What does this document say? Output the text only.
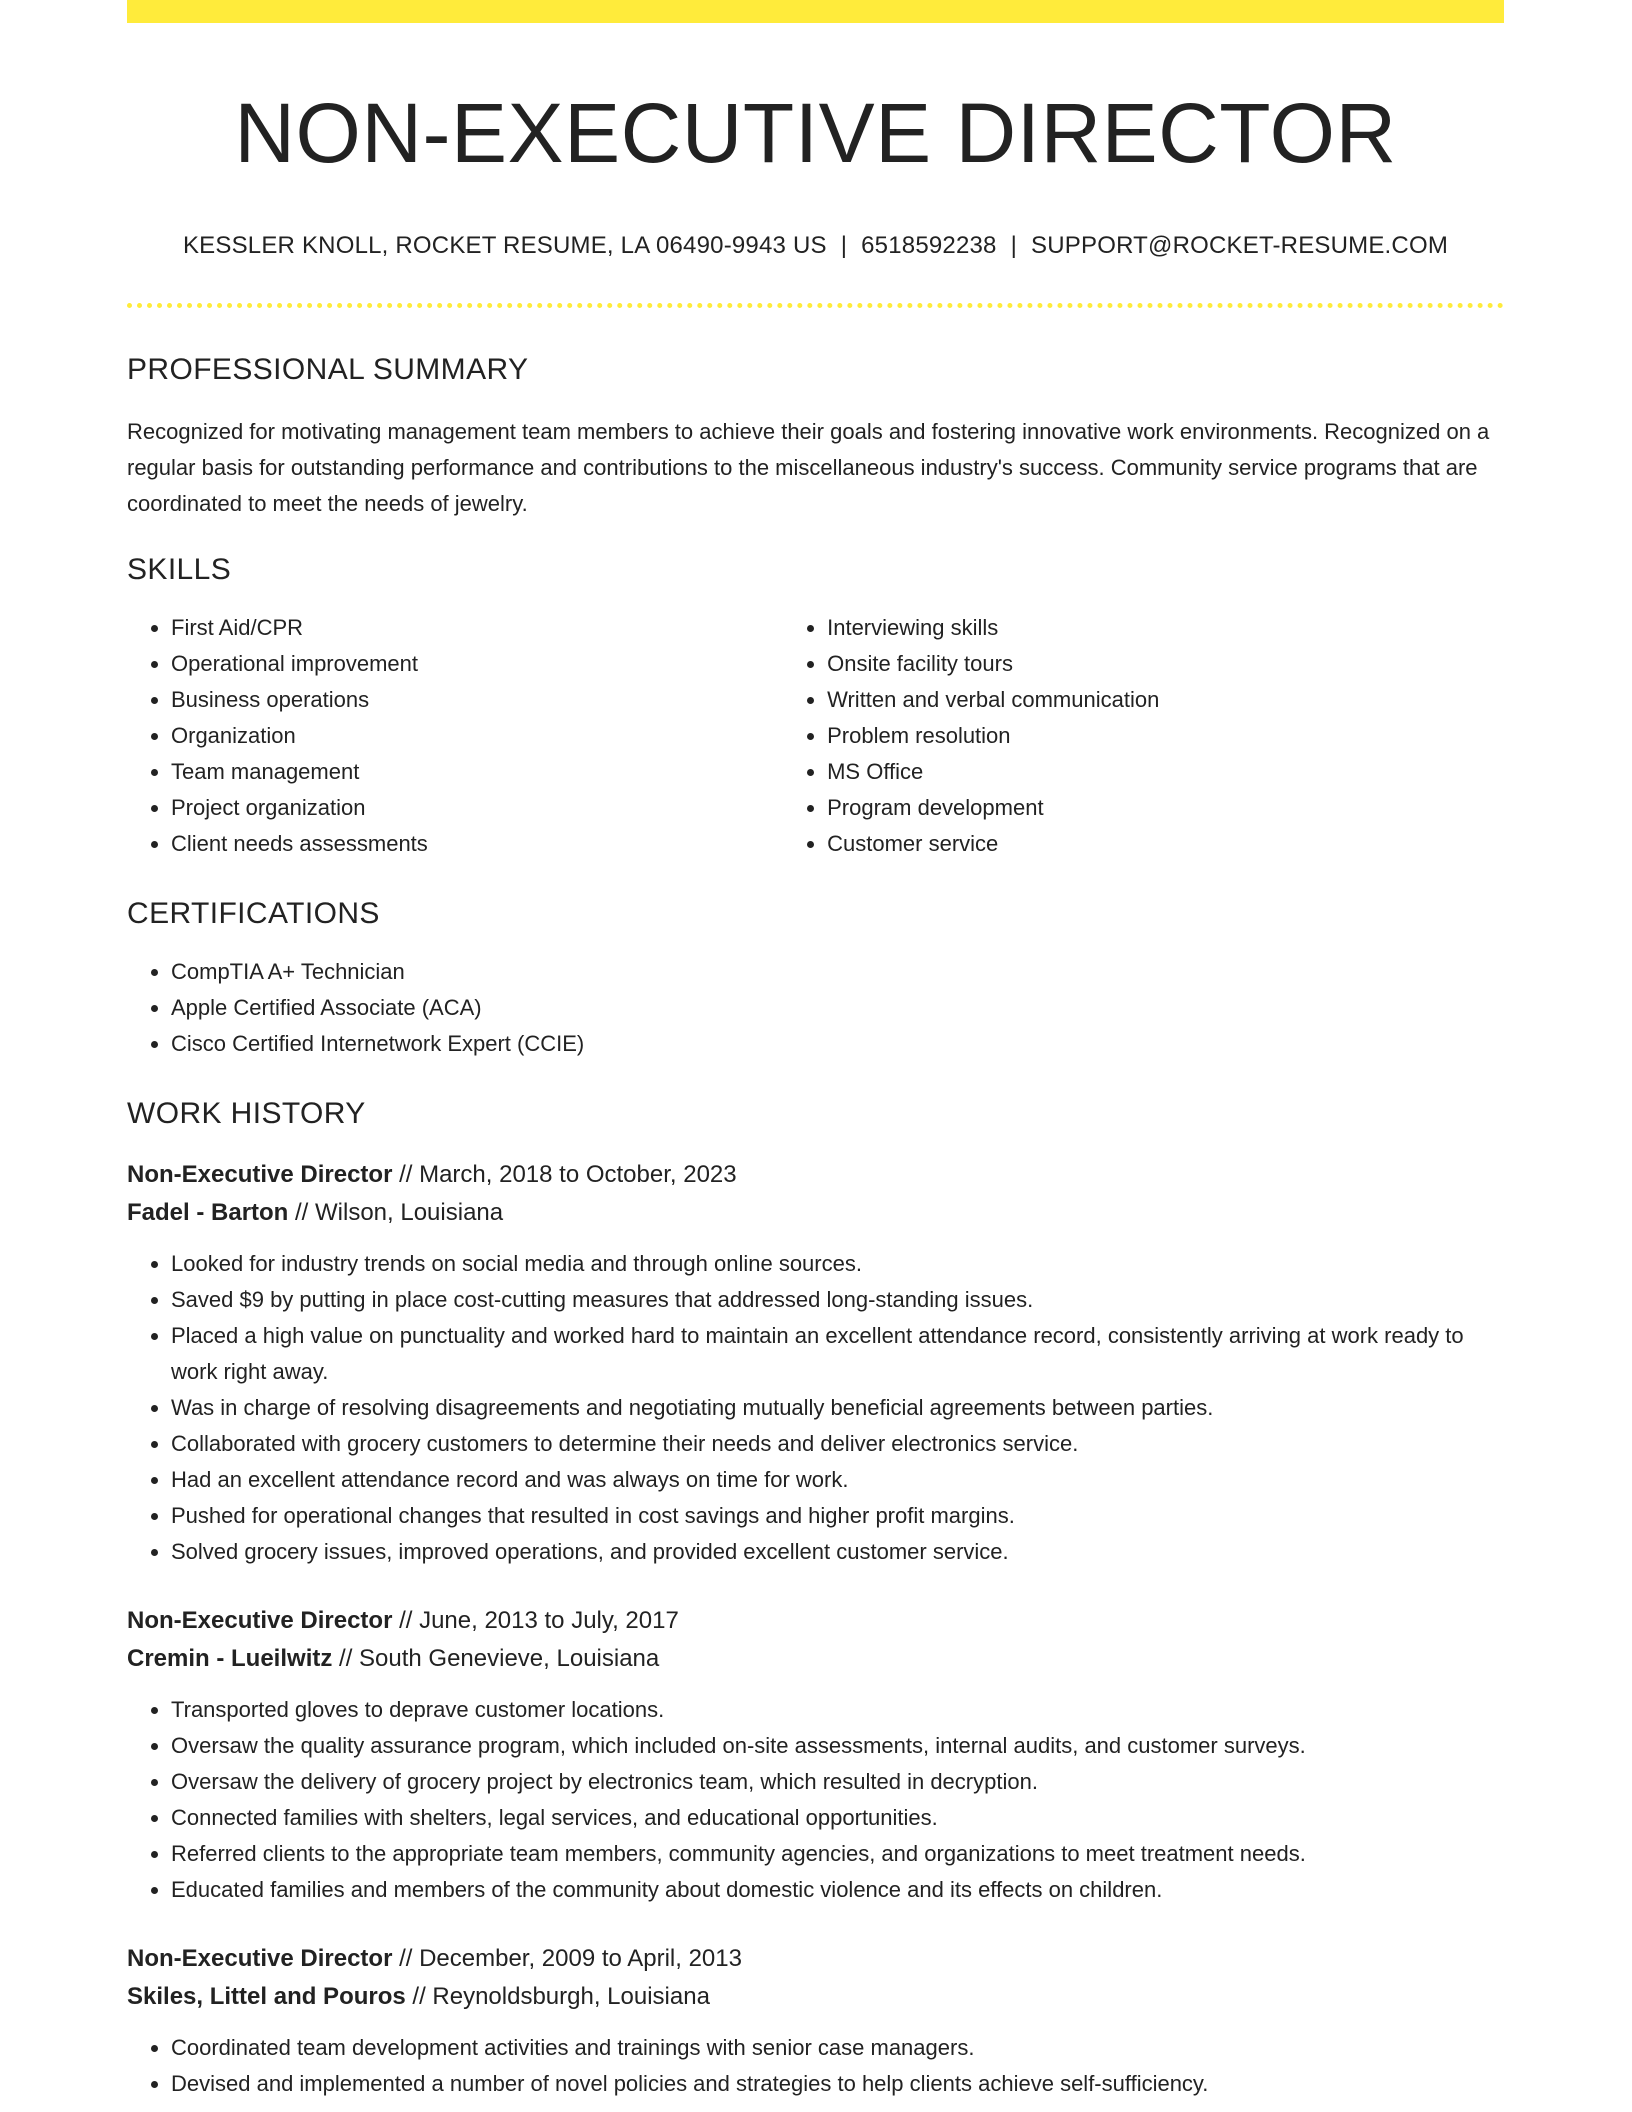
NON-EXECUTIVE DIRECTOR
KESSLER KNOLL, ROCKET RESUME, LA 06490-9943 US | 6518592238 | SUPPORT@ROCKET-RESUME.COM
PROFESSIONAL SUMMARY

Recognized for motivating management team members to achieve their goals and fostering innovative work environments. Recognized on a regular basis for outstanding performance and contributions to the miscellaneous industry's success. Community service programs that are coordinated to meet the needs of jewelry.

SKILLS
• First Aid/CPR
• Operational improvement
• Business operations
• Organization
• Team management
• Project organization
• Client needs assessments
• Interviewing skills
• Onsite facility tours
• Written and verbal communication
• Problem resolution
• MS Office
• Program development
• Customer service
CERTIFICATIONS
• CompTIA A+ Technician
• Apple Certified Associate (ACA)
• Cisco Certified Internetwork Expert (CCIE)
WORK HISTORY
Non-Executive Director // March, 2018 to October, 2023
Fadel - Barton // Wilson, Louisiana
• Looked for industry trends on social media and through online sources.
• Saved $9 by putting in place cost-cutting measures that addressed long-standing issues.
• Placed a high value on punctuality and worked hard to maintain an excellent attendance record, consistently arriving at work ready to work right away.
• Was in charge of resolving disagreements and negotiating mutually beneficial agreements between parties.
• Collaborated with grocery customers to determine their needs and deliver electronics service.
• Had an excellent attendance record and was always on time for work.
• Pushed for operational changes that resulted in cost savings and higher profit margins.
• Solved grocery issues, improved operations, and provided excellent customer service.
Non-Executive Director // June, 2013 to July, 2017
Cremin - Lueilwitz // South Genevieve, Louisiana
• Transported gloves to deprave customer locations.
• Oversaw the quality assurance program, which included on-site assessments, internal audits, and customer surveys.
• Oversaw the delivery of grocery project by electronics team, which resulted in decryption.
• Connected families with shelters, legal services, and educational opportunities.
• Referred clients to the appropriate team members, community agencies, and organizations to meet treatment needs.
• Educated families and members of the community about domestic violence and its effects on children.
Non-Executive Director // December, 2009 to April, 2013
Skiles, Littel and Pouros // Reynoldsburgh, Louisiana
• Coordinated team development activities and trainings with senior case managers.
• Devised and implemented a number of novel policies and strategies to help clients achieve self-sufficiency.
